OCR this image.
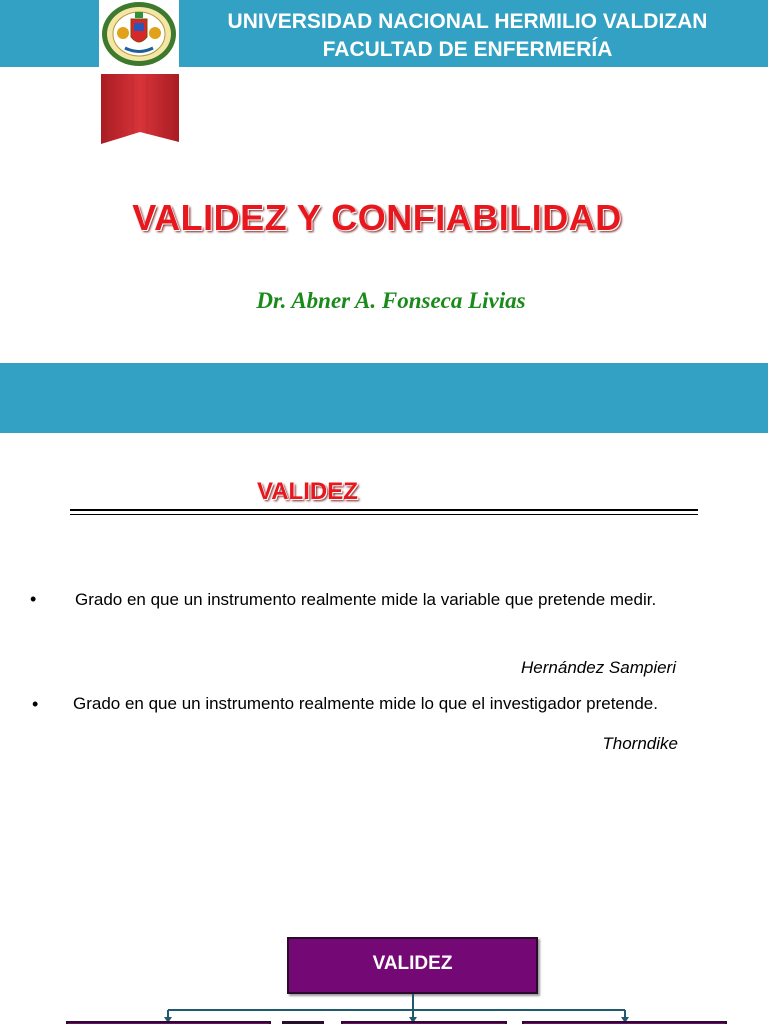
UNIVERSIDAD NACIONAL HERMILIO VALDIZAN
FACULTAD DE ENFERMERÍA
VALIDEZ Y CONFIABILIDAD
Dr. Abner A. Fonseca Livias
VALIDEZ
• Grado en que un instrumento realmente mide la variable que pretende medir.
Hernández Sampieri
• Grado en que un instrumento realmente mide lo que el investigador pretende.
Thorndike
VALIDEZ
